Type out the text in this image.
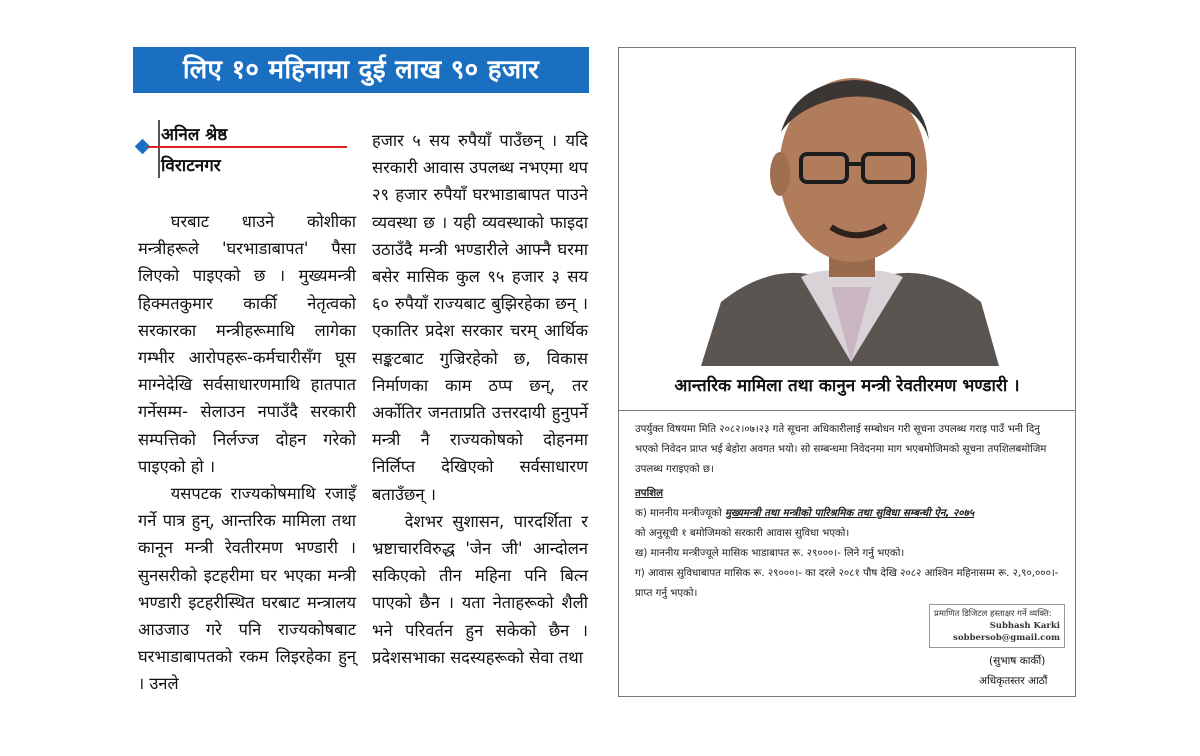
लिए १० महिनामा दुई लाख ९० हजार
अनिल श्रेष्ठ
विराटनगर

घरबाट धाउने कोशीका मन्त्रीहरूले 'घरभाडाबापत' पैसा लिएको पाइएको छ । मुख्यमन्त्री हिक्मतकुमार कार्की नेतृत्वको सरकारका मन्त्रीहरूमाथि लागेका गम्भीर आरोपहरू-कर्मचारीसँग घूस माग्नेदेखि सर्वसाधारणमाथि हातपात गर्नेसम्म- सेलाउन नपाउँदै सरकारी सम्पत्तिको निर्लज्ज दोहन गरेको पाइएको हो ।

यसपटक राज्यकोषमाथि रजाइँ गर्ने पात्र हुन्, आन्तरिक मामिला तथा कानून मन्त्री रेवतीरमण भण्डारी । सुनसरीको इटहरीमा घर भएका मन्त्री भण्डारी इटहरीस्थित घरबाट मन्त्रालय आउजाउ गरे पनि राज्यकोषबाट घरभाडाबापतको रकम लिइरहेका हुन् । उनले

हजार ५ सय रुपैयाँ पाउँछन् । यदि सरकारी आवास उपलब्ध नभएमा थप २९ हजार रुपैयाँ घरभाडाबापत पाउने व्यवस्था छ । यही व्यवस्थाको फाइदा उठाउँदै मन्त्री भण्डारीले आफ्नै घरमा बसेर मासिक कुल ९५ हजार ३ सय ६० रुपैयाँ राज्यबाट बुझिरहेका छन् । एकातिर प्रदेश सरकार चरम् आर्थिक सङ्कटबाट गुज्रिरहेको छ, विकास निर्माणका काम ठप्प छन्, तर अर्कोतिर जनताप्रति उत्तरदायी हुनुपर्ने मन्त्री नै राज्यकोषको दोहनमा निर्लिप्त देखिएको सर्वसाधारण बताउँछन् ।

देशभर सुशासन, पारदर्शिता र भ्रष्टाचारविरुद्ध 'जेन जी' आन्दोलन सकिएको तीन महिना पनि बित्न पाएको छैन । यता नेताहरूको शैली भने परिवर्तन हुन सकेको छैन । प्रदेशसभाका सदस्यहरूको सेवा तथा

आन्तरिक मामिला तथा कानुन मन्त्री रेवतीरमण भण्डारी ।

उपर्युक्त विषयमा मिति २०८२।०७।२३ गते सूचना अधिकारीलाई सम्बोधन गरी सूचना उपलब्ध गराइ पाउँ भनी दिनु भएको निवेदन प्राप्त भई बेहोरा अवगत भयो। सो सम्बन्धमा निवेदनमा माग भएबमोजिमको सूचना तपशिलबमोजिम उपलब्ध गराइएको छ।

तपशिल

क) माननीय मन्त्रीज्यूको मुख्यमन्त्री तथा मन्त्रीको पारिश्रमिक तथा सुविधा सम्बन्धी ऐन, २०७५
को अनुसूची १ बमोजिमको सरकारी आवास सुविधा भएको।

ख) माननीय मन्त्रीज्यूले मासिक भाडाबापत रू. २९०००।- लिने गर्नु भएको।

ग) आवास सुविधाबापत मासिक रू. २९०००।- का दरले २०८१ पौष देखि २०८२ आश्विन महिनासम्म रू. २,९०,०००।- प्राप्त गर्नु भएको।

प्रमाणित डिजिटल हस्ताक्षर गर्ने व्यक्ति:
Subhash Karki
sobbersob@gmail.com
(सुभाष कार्की)
अधिकृतस्तर आठौं
